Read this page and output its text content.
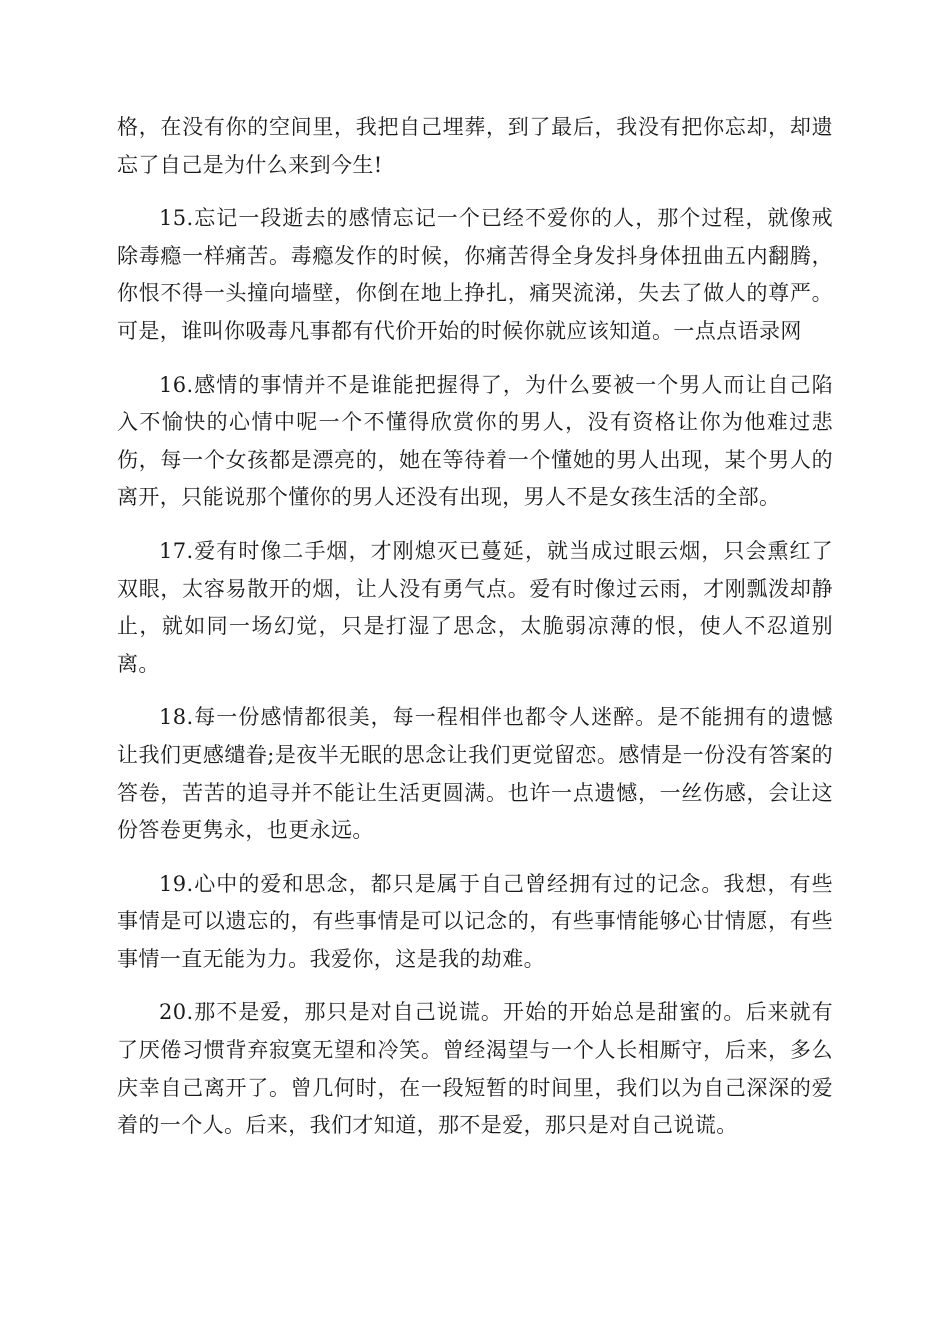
格，在没有你的空间里，我把自己埋葬，到了最后，我没有把你忘却，却遗忘了自己是为什么来到今生!

15.忘记一段逝去的感情忘记一个已经不爱你的人，那个过程，就像戒除毒瘾一样痛苦。毒瘾发作的时候，你痛苦得全身发抖身体扭曲五内翻腾，你恨不得一头撞向墙壁，你倒在地上挣扎，痛哭流涕，失去了做人的尊严。可是，谁叫你吸毒凡事都有代价开始的时候你就应该知道。一点点语录网

16.感情的事情并不是谁能把握得了，为什么要被一个男人而让自己陷入不愉快的心情中呢一个不懂得欣赏你的男人，没有资格让你为他难过悲伤，每一个女孩都是漂亮的，她在等待着一个懂她的男人出现，某个男人的离开，只能说那个懂你的男人还没有出现，男人不是女孩生活的全部。

17.爱有时像二手烟，才刚熄灭已蔓延，就当成过眼云烟，只会熏红了双眼，太容易散开的烟，让人没有勇气点。爱有时像过云雨，才刚瓢泼却静止，就如同一场幻觉，只是打湿了思念，太脆弱凉薄的恨，使人不忍道别离。

18.每一份感情都很美，每一程相伴也都令人迷醉。是不能拥有的遗憾让我们更感缱眷;是夜半无眠的思念让我们更觉留恋。感情是一份没有答案的答卷，苦苦的追寻并不能让生活更圆满。也许一点遗憾，一丝伤感，会让这份答卷更隽永，也更永远。

19.心中的爱和思念，都只是属于自己曾经拥有过的记念。我想，有些事情是可以遗忘的，有些事情是可以记念的，有些事情能够心甘情愿，有些事情一直无能为力。我爱你，这是我的劫难。

20.那不是爱，那只是对自己说谎。开始的开始总是甜蜜的。后来就有了厌倦习惯背弃寂寞无望和冷笑。曾经渴望与一个人长相厮守，后来，多么庆幸自己离开了。曾几何时，在一段短暂的时间里，我们以为自己深深的爱着的一个人。后来，我们才知道，那不是爱，那只是对自己说谎。
